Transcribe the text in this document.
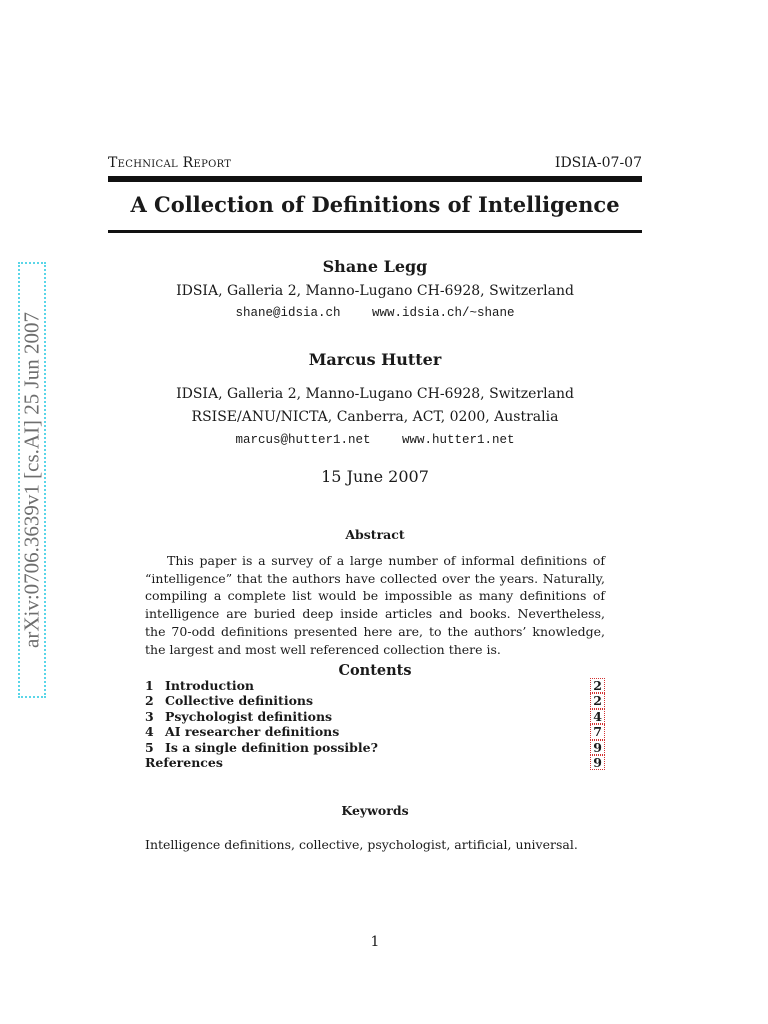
arXiv:0706.3639v1 [cs.AI] 25 Jun 2007
Technical Report	IDSIA-07-07
A Collection of Definitions of Intelligence
Shane Legg
IDSIA, Galleria 2, Manno-Lugano CH-6928, Switzerland
shane@idsia.ch	www.idsia.ch/~shane
Marcus Hutter
IDSIA, Galleria 2, Manno-Lugano CH-6928, Switzerland
RSISE/ANU/NICTA, Canberra, ACT, 0200, Australia
marcus@hutter1.net	www.hutter1.net
15 June 2007
Abstract
This paper is a survey of a large number of informal definitions of “intelligence” that the authors have collected over the years. Naturally, compiling a complete list would be impossible as many definitions of intelligence are buried deep inside articles and books. Nevertheless, the 70-odd definitions presented here are, to the authors’ knowledge, the largest and most well referenced collection there is.
Contents
1 Introduction	2
2 Collective definitions	2
3 Psychologist definitions	4
4 AI researcher definitions	7
5 Is a single definition possible?	9
References	9
Keywords
Intelligence definitions, collective, psychologist, artificial, universal.
1
